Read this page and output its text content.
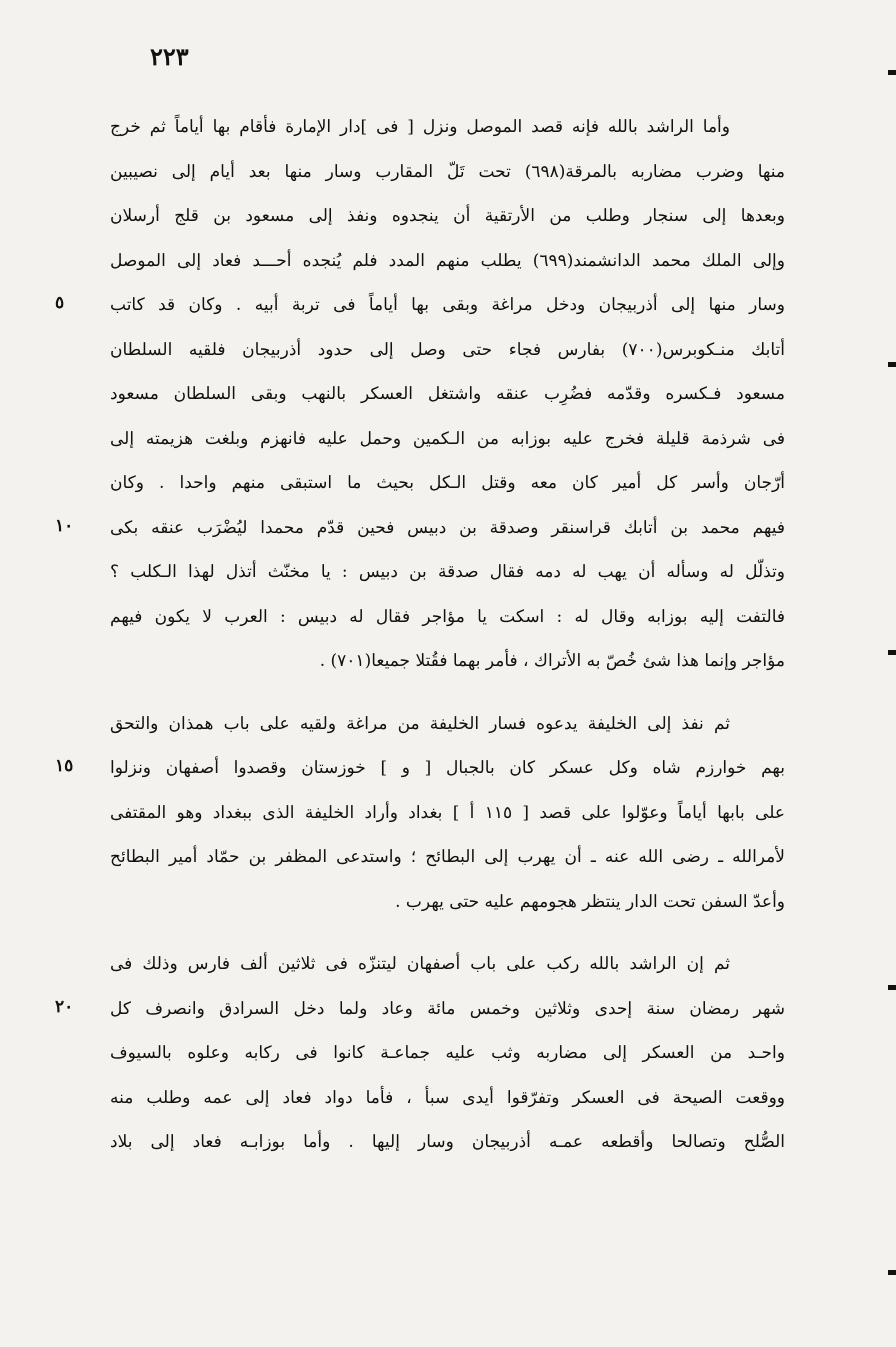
٢٢٣
وأما الراشد بالله فإنه قصد الموصل ونزل [ فى ]دار الإمارة فأقام بها أياماً ثم خرج
منها وضرب مضاربه بالمرقة(٦٩٨) تحت تَلّ المقارب وسار منها بعد أيام إلى نصيبين
وبعدها إلى سنجار وطلب من الأرتقية أن ينجدوه ونفذ إلى مسعود بن قلج أرسلان
وإلى الملك محمد الدانشمند(٦٩٩) يطلب منهم المدد فلم يُنجده أحـــد فعاد إلى الموصل
وسار منها إلى أذربيجان ودخل مراغة وبقى بها أياماً فى تربة أبيه . وكان قد كاتب
أتابك منـكوبرس(٧٠٠) بفارس فجاء حتى وصل إلى حدود أذربيجان فلقيه السلطان
مسعود فـكسره وقدّمه فضُرِب عنقه واشتغل العسكر بالنهب وبقى السلطان مسعود
فى شرذمة قليلة فخرج عليه بوزابه من الـكمين وحمل عليه فانهزم وبلغت هزيمته إلى
أرّجان وأسر كل أمير كان معه وقتل الـكل بحيث ما استبقى منهم واحدا . وكان
فيهم محمد بن أتابك قراسنقر وصدقة بن دبيس فحين قدّم محمدا ليُضْرَب عنقه بكى
وتذلّل له وسأله أن يهب له دمه فقال صدقة بن دبيس : يا مخنّث أتذل لهذا الـكلب ؟
فالتفت إليه بوزابه وقال له : اسكت يا مؤاجر فقال له دبيس : العرب لا يكون فيهم
مؤاجر وإنما هذا شئ خُصّ به الأتراك ، فأمر بهما فقُتلا جميعا(٧٠١) .
ثم نفذ إلى الخليفة يدعوه فسار الخليفة من مراغة ولقيه على باب همذان والتحق
بهم خوارزم شاه وكل عسكر كان بالجبال [ و ] خوزستان وقصدوا أصفهان ونزلوا
على بابها أياماً وعوّلوا على قصد [ ١١٥ أ ] بغداد وأراد الخليفة الذى ببغداد وهو المقتفى
لأمرالله ـ رضى الله عنه ـ أن يهرب إلى البطائح ؛ واستدعى المظفر بن حمّاد أمير البطائح
وأعدّ السفن تحت الدار ينتظر هجومهم عليه حتى يهرب .
ثم إن الراشد بالله ركب على باب أصفهان ليتنزّه فى ثلاثين ألف فارس وذلك فى
شهر رمضان سنة إحدى وثلاثين وخمس مائة وعاد ولما دخل السرادق وانصرف كل
واحـد من العسكر إلى مضاربه وثب عليه جماعـة كانوا فى ركابه وعلوه بالسيوف
ووقعت الصيحة فى العسكر وتفرّقوا أيدى سبأ ، فأما دواد فعاد إلى عمه وطلب منه
الصُّلح وتصالحا وأقطعه عمـه أذربيجان وسار إليها . وأما بوزابـه فعاد إلى بلاد
٥
١٠
١٥
٢٠
